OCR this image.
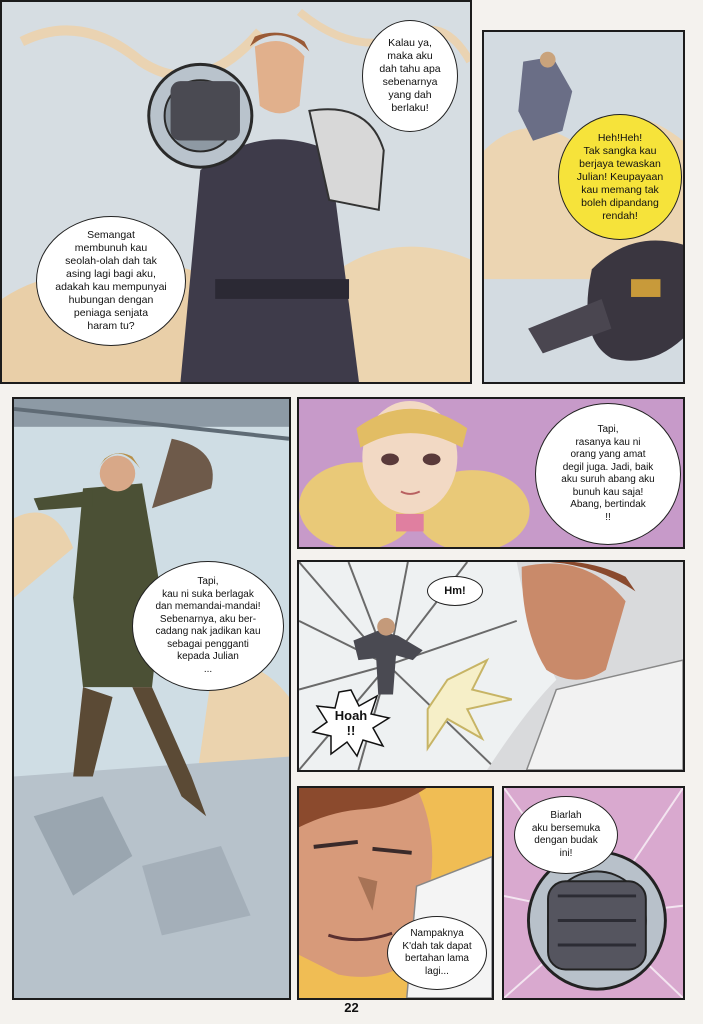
Kalau ya,
maka aku
dah tahu apa
sebenarnya
yang dah
berlaku!
Semangat
membunuh kau
seolah-olah dah tak
asing lagi bagi aku,
adakah kau mempunyai
hubungan dengan
peniaga senjata
haram tu?
Heh!Heh!
Tak sangka kau
berjaya tewaskan
Julian! Keupayaan
kau memang tak
boleh dipandang
rendah!
Tapi,
kau ni suka berlagak
dan memandai-mandai!
Sebenarnya, aku ber-
cadang nak jadikan kau
sebagai pengganti
kepada Julian
...
Tapi,
rasanya kau ni
orang yang amat
degil juga. Jadi, baik
aku suruh abang aku
bunuh kau saja!
Abang, bertindak
!!
Hm!
Hoah
!!
Nampaknya
K'dah tak dapat
bertahan lama
lagi...
Biarlah
aku bersemuka
dengan budak
ini!
22
